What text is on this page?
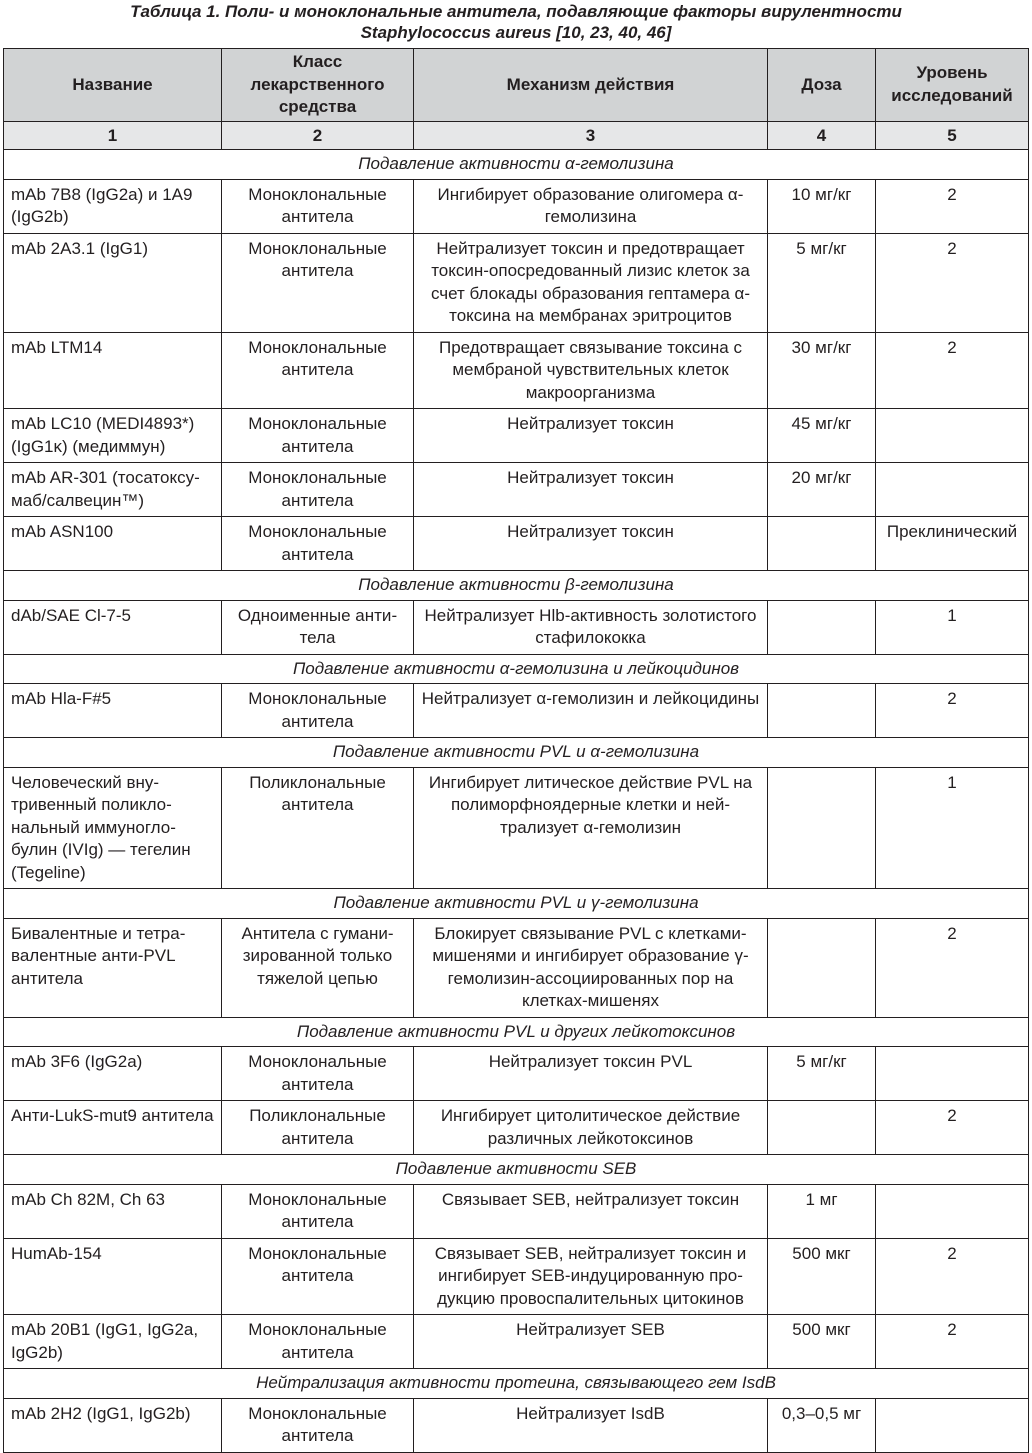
Таблица 1. Поли- и моноклональные антитела, подавляющие факторы вирулентности
Staphylococcus aureus [10, 23, 40, 46]
Название	Класс лекарственного средства	Механизм действия	Доза	Уровень исследований
1	2	3	4	5
Подавление активности α-гемолизина				
mAb 7B8 (IgG2a) и 1A9 (IgG2b)	Моноклональные антитела	Ингибирует образование олигомера α-гемолизина	10 мг/кг	2
mAb 2A3.1 (IgG1)	Моноклональные антитела	Нейтрализует токсин и предотвращает токсин-опосредованный лизис клеток за счет блокады образования гептамера α-токсина на мембранах эритроцитов	5 мг/кг	2
mAb LTM14	Моноклональные антитела	Предотвращает связывание токсина с мембраной чувствительных клеток макроорганизма	30 мг/кг	2
mAb LC10 (MEDI4893*) (IgG1κ) (медиммун)	Моноклональные антитела	Нейтрализует токсин	45 мг/кг	
mAb AR-301 (тосатоксумаб/салвецин™)	Моноклональные антитела	Нейтрализует токсин	20 мг/кг	
mAb ASN100	Моноклональные антитела	Нейтрализует токсин		Преклинический
Подавление активности β-гемолизина				
dAb/SAE Cl-7-5	Одноименные антитела	Нейтрализует Hlb-активность золотистого стафилококка		1
Подавление активности α-гемолизина и лейкоцидинов				
mAb Hla-F#5	Моноклональные антитела	Нейтрализует α-гемолизин и лейкоцидины		2
Подавление активности PVL и α-гемолизина				
Человеческий внутривенный поликлональный иммуноглобулин (IVIg) — тегелин (Tegeline)	Поликлональные антитела	Ингибирует литическое действие PVL на полиморфноядерные клетки и нейтрализует α-гемолизин		1
Подавление активности PVL и γ-гемолизина				
Бивалентные и тетравалентные анти-PVL антитела	Антитела с гуманизированной только тяжелой цепью	Блокирует связывание PVL с клетками-мишенями и ингибирует образование γ-гемолизин-ассоциированных пор на клетках-мишенях		2
Подавление активности PVL и других лейкотоксинов				
mAb 3F6 (IgG2a)	Моноклональные антитела	Нейтрализует токсин PVL	5 мг/кг	
Анти-LukS-mut9 антитела	Поликлональные антитела	Ингибирует цитолитическое действие различных лейкотоксинов		2
Подавление активности SEB				
mAb Ch 82M, Ch 63	Моноклональные антитела	Связывает SEB, нейтрализует токсин	1 мг	
HumAb-154	Моноклональные антитела	Связывает SEB, нейтрализует токсин и ингибирует SEB-индуцированную продукцию провоспалительных цитокинов	500 мкг	2
mAb 20B1 (IgG1, IgG2a, IgG2b)	Моноклональные антитела	Нейтрализует SEB	500 мкг	2
Нейтрализация активности протеина, связывающего гем IsdB				
mAb 2H2 (IgG1, IgG2b)	Моноклональные антитела	Нейтрализует IsdB	0,3–0,5 мг	
